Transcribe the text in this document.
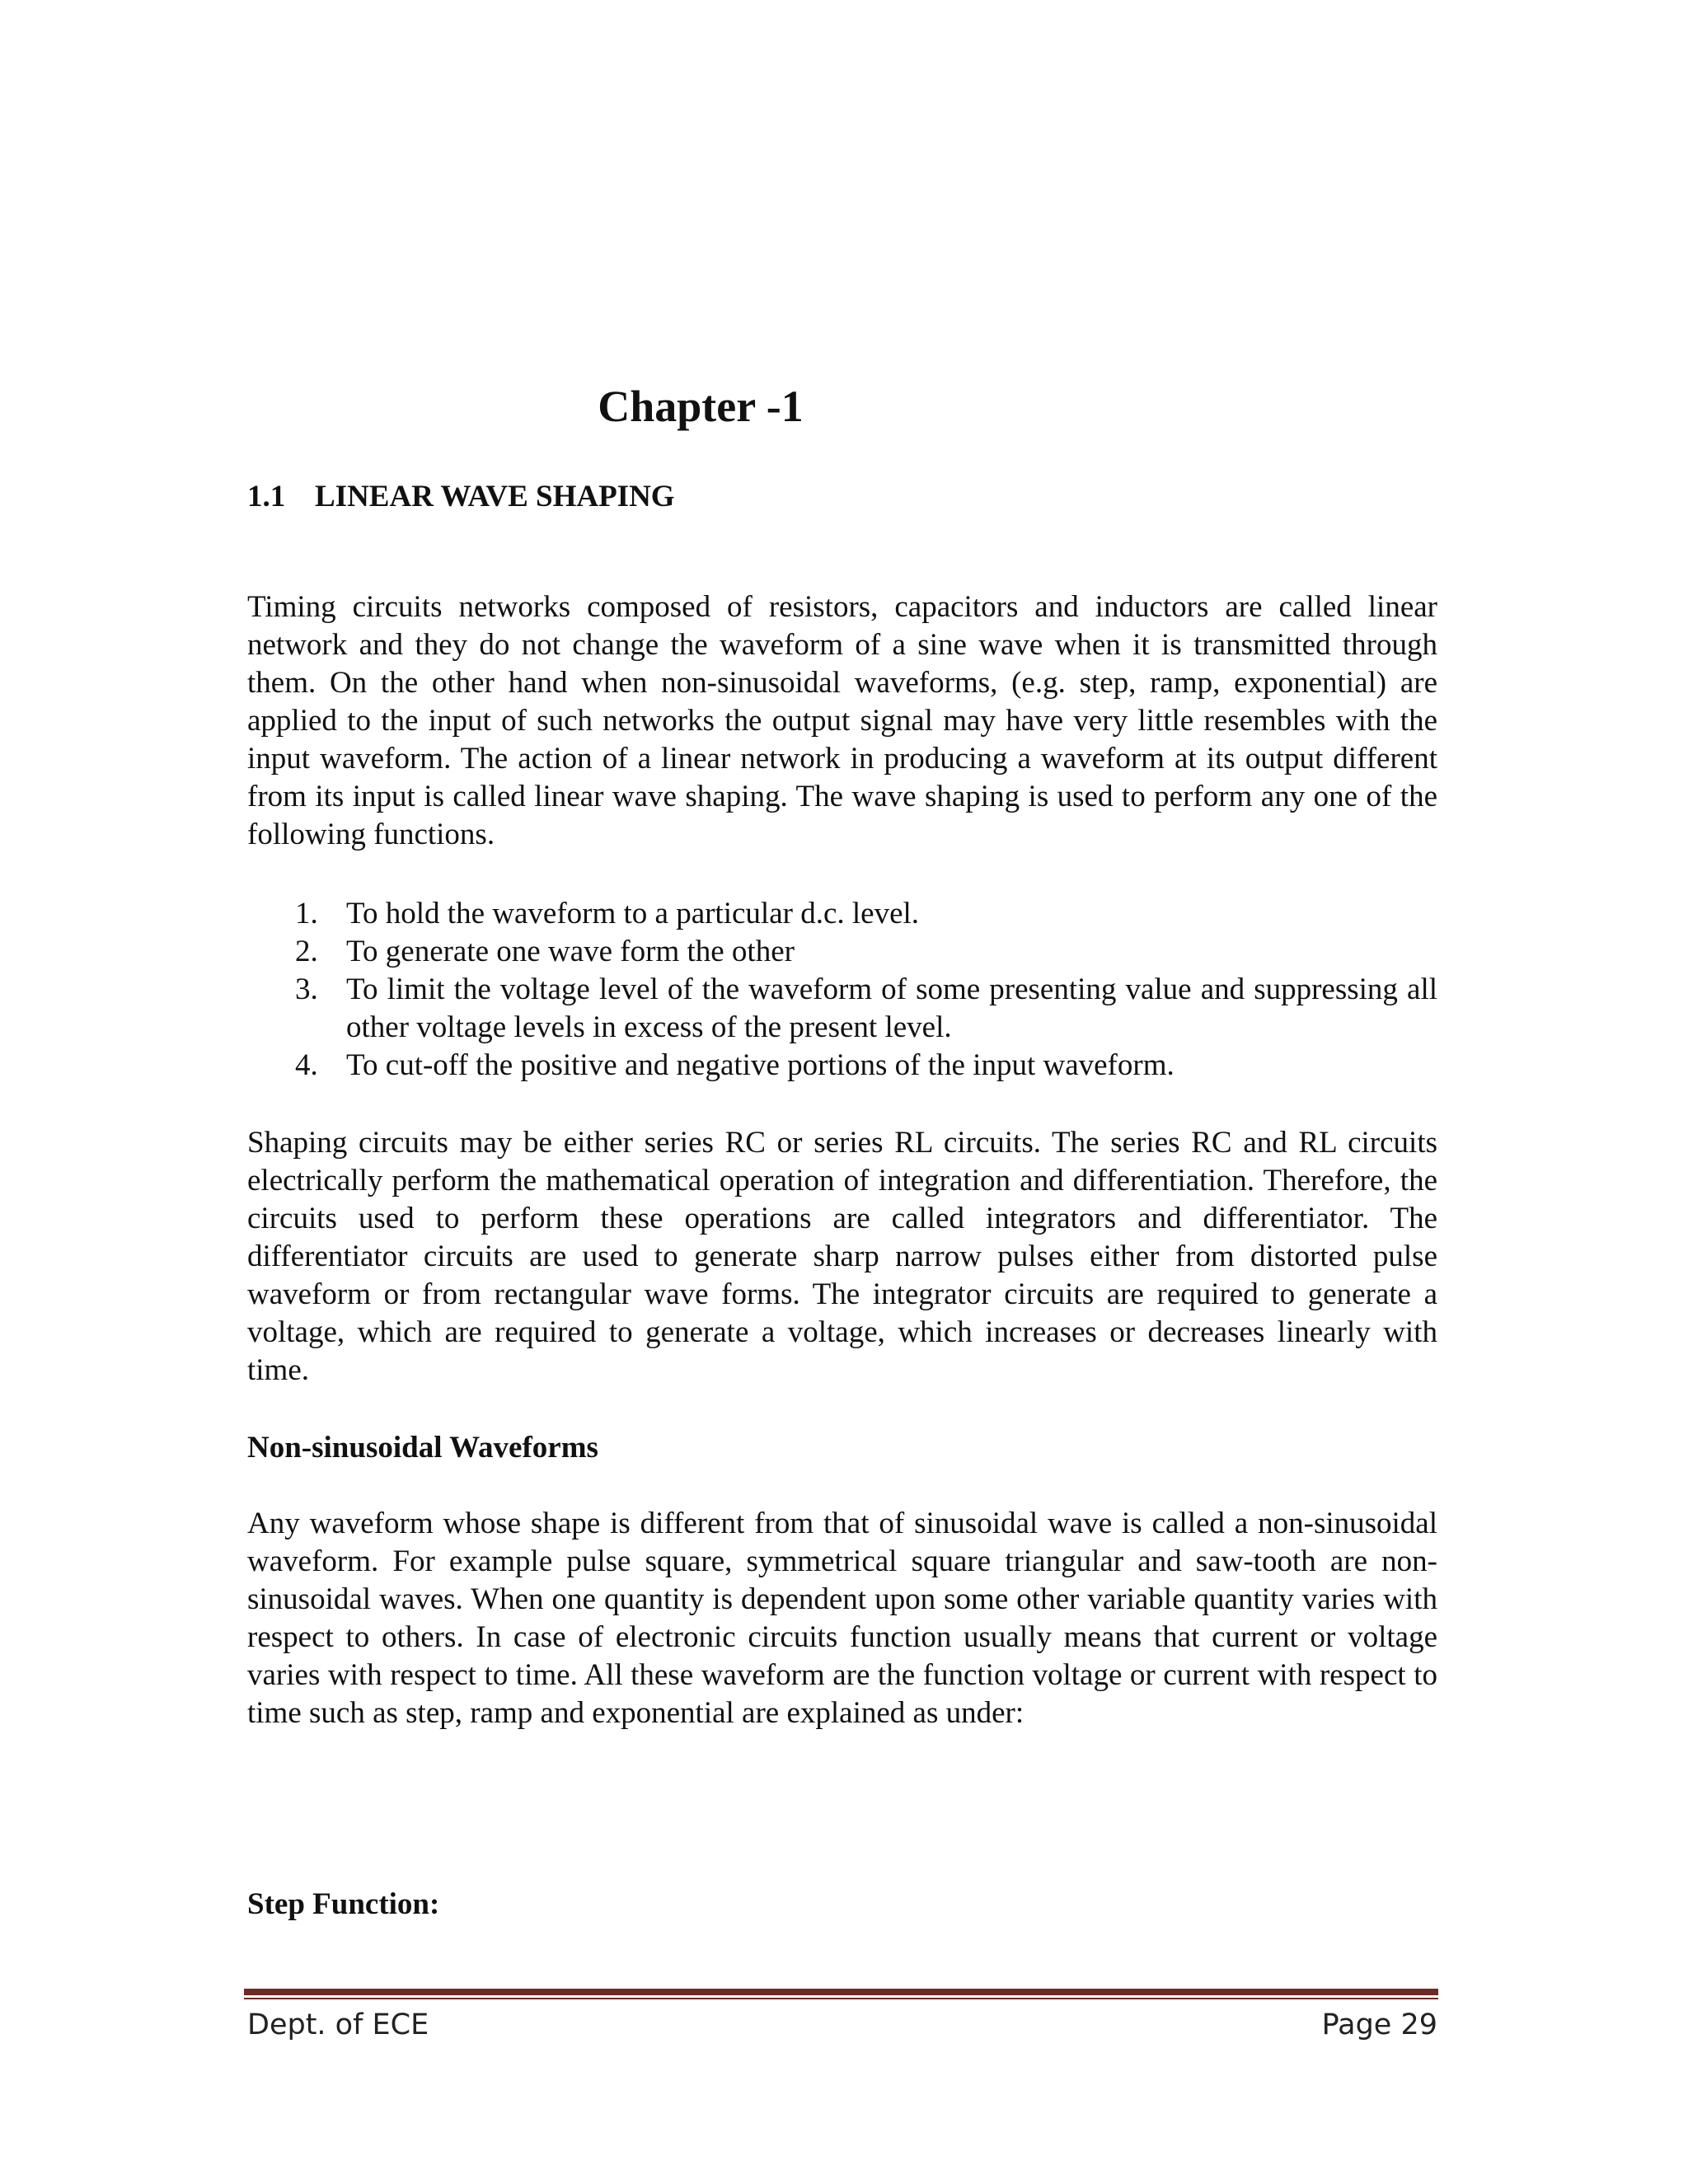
Chapter -1
1.1 LINEAR WAVE SHAPING

Timing circuits networks composed of resistors, capacitors and inductors are called linear network and they do not change the waveform of a sine wave when it is transmitted through them. On the other hand when non-sinusoidal waveforms, (e.g. step, ramp, exponential) are applied to the input of such networks the output signal may have very little resembles with the input waveform. The action of a linear network in producing a waveform at its output different from its input is called linear wave shaping. The wave shaping is used to perform any one of the following functions.

1. To hold the waveform to a particular d.c. level.
2. To generate one wave form the other
3. To limit the voltage level of the waveform of some presenting value and suppressing all other voltage levels in excess of the present level.
4. To cut-off the positive and negative portions of the input waveform.

Shaping circuits may be either series RC or series RL circuits. The series RC and RL circuits electrically perform the mathematical operation of integration and differentiation. Therefore, the circuits used to perform these operations are called integrators and differentiator. The differentiator circuits are used to generate sharp narrow pulses either from distorted pulse waveform or from rectangular wave forms. The integrator circuits are required to generate a voltage, which are required to generate a voltage, which increases or decreases linearly with time.

Non-sinusoidal Waveforms

Any waveform whose shape is different from that of sinusoidal wave is called a non-sinusoidal waveform. For example pulse square, symmetrical square triangular and saw-tooth are non-sinusoidal waves. When one quantity is dependent upon some other variable quantity varies with respect to others. In case of electronic circuits function usually means that current or voltage varies with respect to time. All these waveform are the function voltage or current with respect to time such as step, ramp and exponential are explained as under:

Step Function:
Dept. of ECE	Page 29
